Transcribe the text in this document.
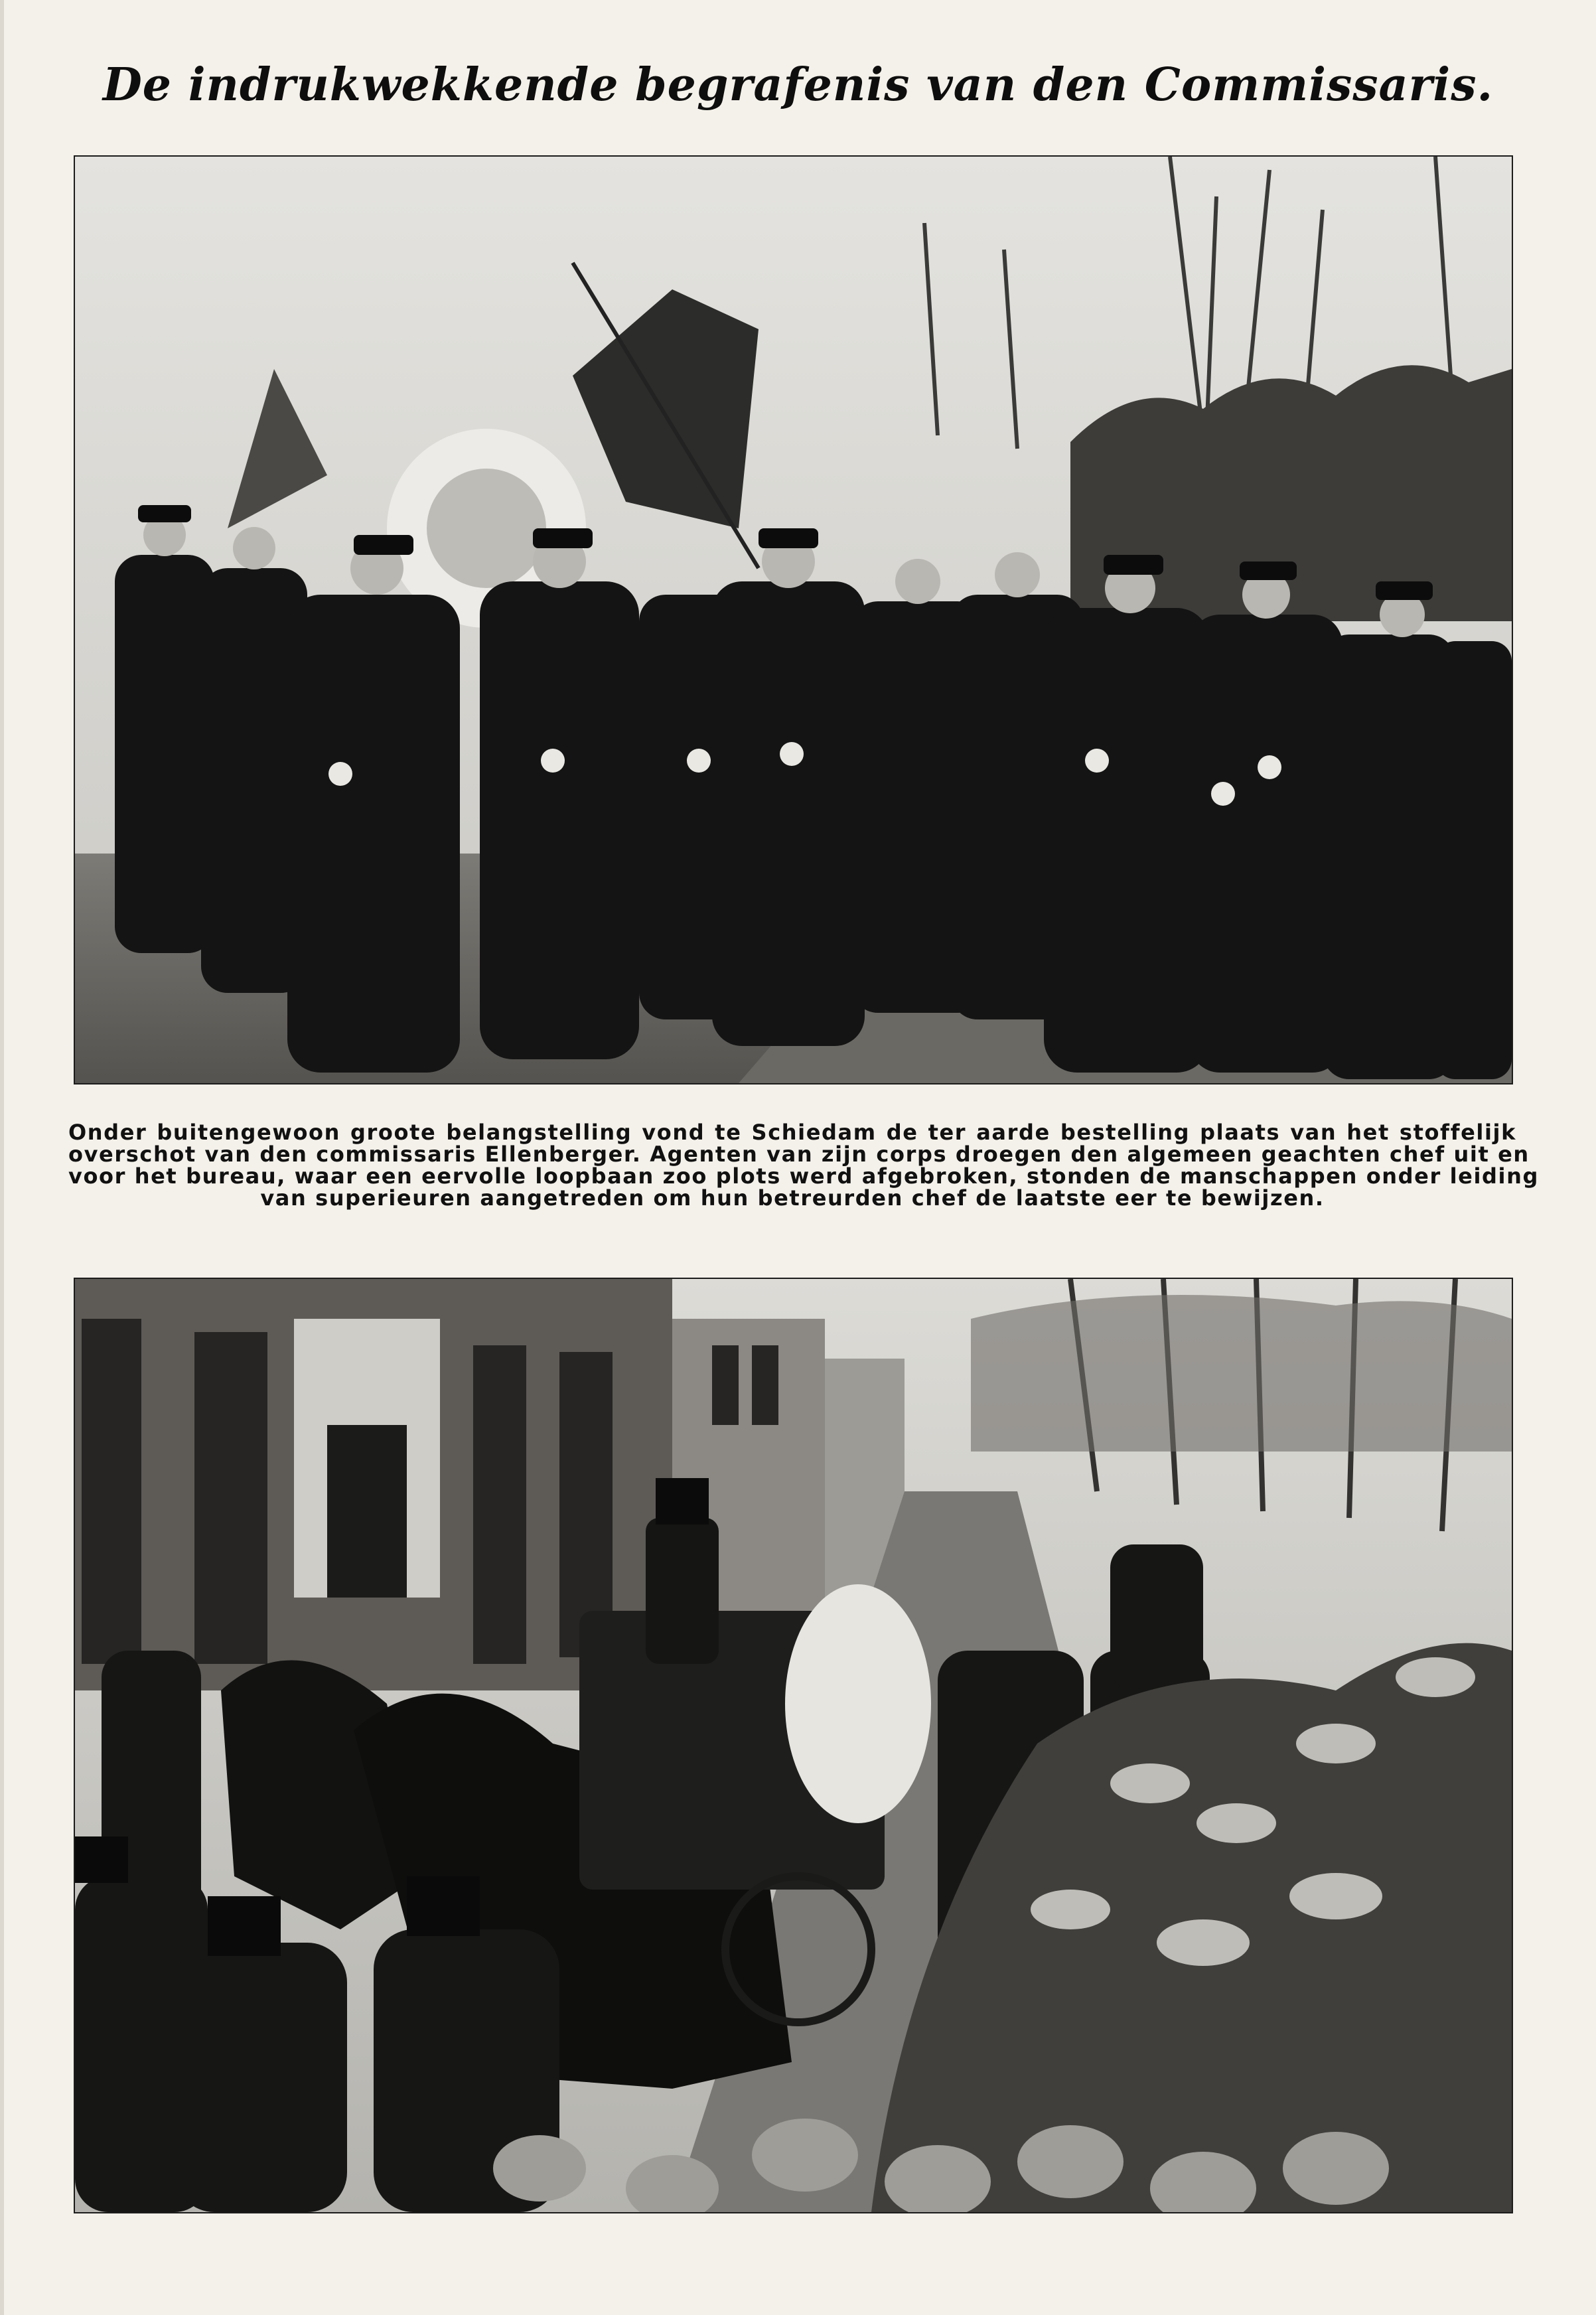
De indrukwekkende begrafenis van den Commissaris.
Onder buitengewoon groote belangstelling vond te Schiedam de ter aarde bestelling plaats van het stoffelijk
overschot van den commissaris Ellenberger. Agenten van zijn corps droegen den algemeen geachten chef uit en
voor het bureau, waar een eervolle loopbaan zoo plots werd afgebroken, stonden de manschappen onder leiding
van superieuren aangetreden om hun betreurden chef de laatste eer te bewijzen.
